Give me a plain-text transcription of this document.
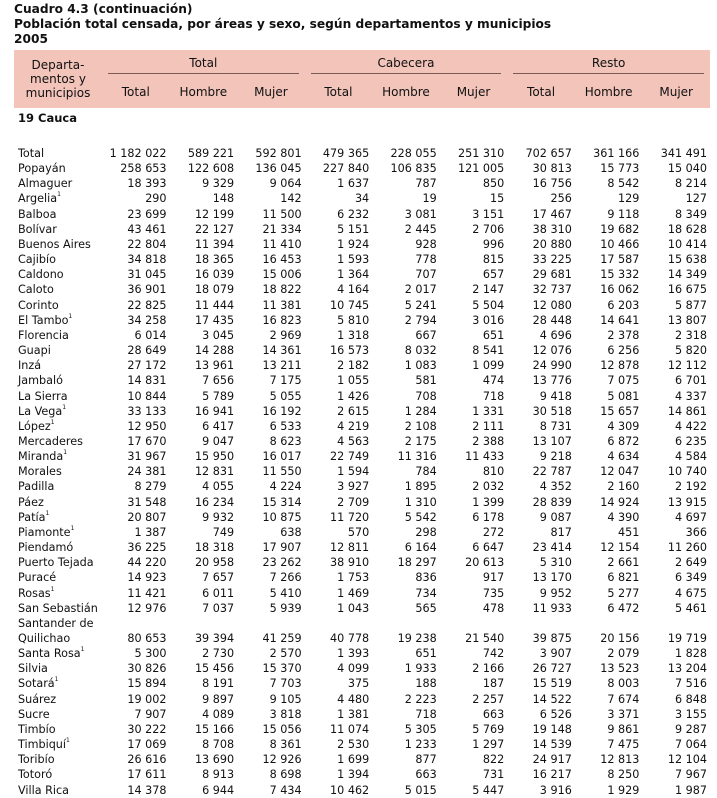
Cuadro 4.3 (continuación)
Población total censada, por áreas y sexo, según departamentos y municipios
2005
Departa-
mentos y
municipios	Total			Cabecera			Resto		

	Total	Hombre	Mujer	Total	Hombre	Mujer	Total	Hombre	Mujer
19 Cauca									

Total	1 182 022	589 221	592 801	479 365	228 055	251 310	702 657	361 166	341 491
Popayán	258 653	122 608	136 045	227 840	106 835	121 005	30 813	15 773	15 040
Almaguer	18 393	9 329	9 064	1 637	787	850	16 756	8 542	8 214
Argelia$^1$	290	148	142	34	19	15	256	129	127
Balboa	23 699	12 199	11 500	6 232	3 081	3 151	17 467	9 118	8 349
Bolívar	43 461	22 127	21 334	5 151	2 445	2 706	38 310	19 682	18 628
Buenos Aires	22 804	11 394	11 410	1 924	928	996	20 880	10 466	10 414
Cajibío	34 818	18 365	16 453	1 593	778	815	33 225	17 587	15 638
Caldono	31 045	16 039	15 006	1 364	707	657	29 681	15 332	14 349
Caloto	36 901	18 079	18 822	4 164	2 017	2 147	32 737	16 062	16 675
Corinto	22 825	11 444	11 381	10 745	5 241	5 504	12 080	6 203	5 877
El Tambo$^1$	34 258	17 435	16 823	5 810	2 794	3 016	28 448	14 641	13 807
Florencia	6 014	3 045	2 969	1 318	667	651	4 696	2 378	2 318
Guapi	28 649	14 288	14 361	16 573	8 032	8 541	12 076	6 256	5 820
Inzá	27 172	13 961	13 211	2 182	1 083	1 099	24 990	12 878	12 112
Jambaló	14 831	7 656	7 175	1 055	581	474	13 776	7 075	6 701
La Sierra	10 844	5 789	5 055	1 426	708	718	9 418	5 081	4 337
La Vega$^1$	33 133	16 941	16 192	2 615	1 284	1 331	30 518	15 657	14 861
López$^1$	12 950	6 417	6 533	4 219	2 108	2 111	8 731	4 309	4 422
Mercaderes	17 670	9 047	8 623	4 563	2 175	2 388	13 107	6 872	6 235
Miranda$^1$	31 967	15 950	16 017	22 749	11 316	11 433	9 218	4 634	4 584
Morales	24 381	12 831	11 550	1 594	784	810	22 787	12 047	10 740
Padilla	8 279	4 055	4 224	3 927	1 895	2 032	4 352	2 160	2 192
Páez	31 548	16 234	15 314	2 709	1 310	1 399	28 839	14 924	13 915
Patía$^1$	20 807	9 932	10 875	11 720	5 542	6 178	9 087	4 390	4 697
Piamonte$^1$	1 387	749	638	570	298	272	817	451	366
Piendamó	36 225	18 318	17 907	12 811	6 164	6 647	23 414	12 154	11 260
Puerto Tejada	44 220	20 958	23 262	38 910	18 297	20 613	5 310	2 661	2 649
Puracé	14 923	7 657	7 266	1 753	836	917	13 170	6 821	6 349
Rosas$^1$	11 421	6 011	5 410	1 469	734	735	9 952	5 277	4 675
San Sebastián	12 976	7 037	5 939	1 043	565	478	11 933	6 472	5 461
Santander de									
Quilichao	80 653	39 394	41 259	40 778	19 238	21 540	39 875	20 156	19 719
Santa Rosa$^1$	5 300	2 730	2 570	1 393	651	742	3 907	2 079	1 828
Silvia	30 826	15 456	15 370	4 099	1 933	2 166	26 727	13 523	13 204
Sotará$^1$	15 894	8 191	7 703	375	188	187	15 519	8 003	7 516
Suárez	19 002	9 897	9 105	4 480	2 223	2 257	14 522	7 674	6 848
Sucre	7 907	4 089	3 818	1 381	718	663	6 526	3 371	3 155
Timbío	30 222	15 166	15 056	11 074	5 305	5 769	19 148	9 861	9 287
Timbiquí$^1$	17 069	8 708	8 361	2 530	1 233	1 297	14 539	7 475	7 064
Toribío	26 616	13 690	12 926	1 699	877	822	24 917	12 813	12 104
Totoró	17 611	8 913	8 698	1 394	663	731	16 217	8 250	7 967
Villa Rica	14 378	6 944	7 434	10 462	5 015	5 447	3 916	1 929	1 987
